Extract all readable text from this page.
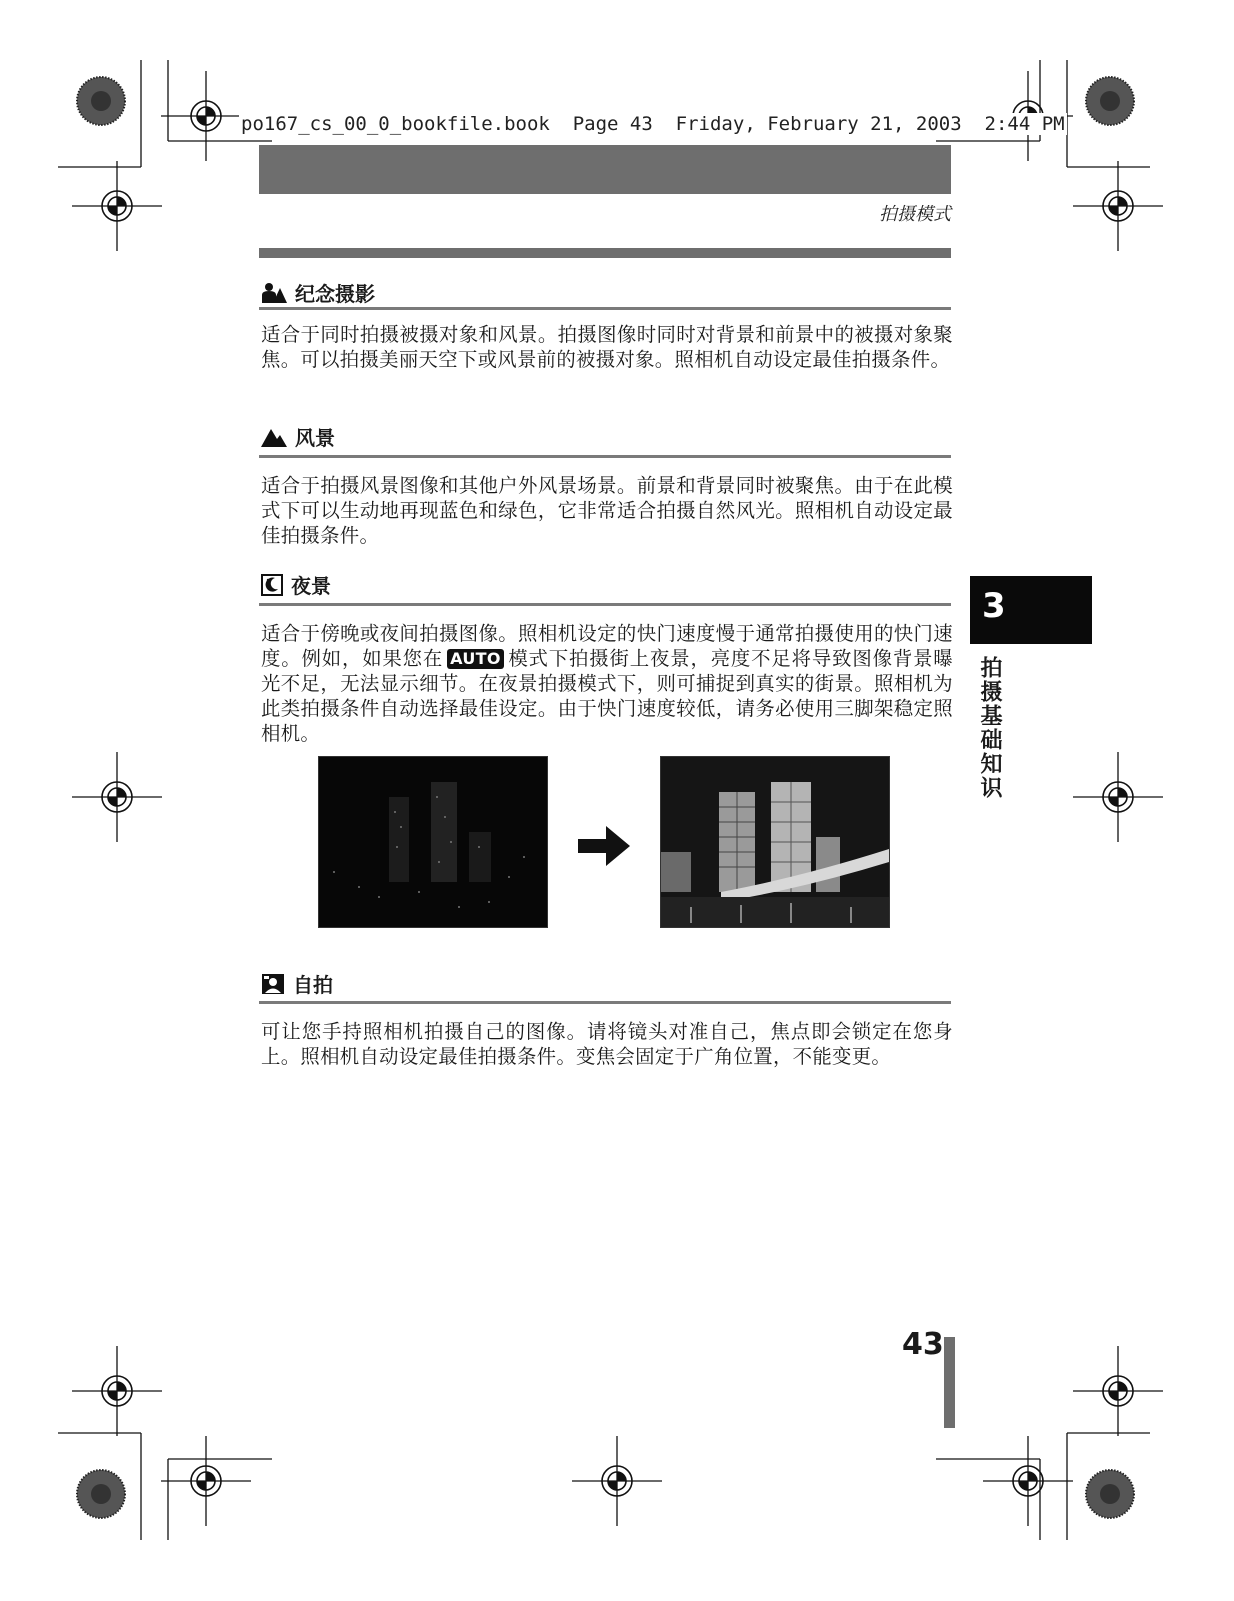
po167_cs_00_0_bookfile.book  Page 43  Friday, February 21, 2003  2:44 PM
拍摄模式
纪念摄影
适合于同时拍摄被摄对象和风景。拍摄图像时同时对背景和前景中的被摄对象聚焦。可以拍摄美丽天空下或风景前的被摄对象。照相机自动设定最佳拍摄条件。
风景
适合于拍摄风景图像和其他户外风景场景。前景和背景同时被聚焦。由于在此模式下可以生动地再现蓝色和绿色，它非常适合拍摄自然风光。照相机自动设定最佳拍摄条件。
夜景
适合于傍晚或夜间拍摄图像。照相机设定的快门速度慢于通常拍摄使用的快门速度。例如，如果您在 AUTO 模式下拍摄街上夜景，亮度不足将导致图像背景曝光不足，无法显示细节。在夜景拍摄模式下，则可捕捉到真实的街景。照相机为此类拍摄条件自动选择最佳设定。由于快门速度较低，请务必使用三脚架稳定照相机。
自拍
可让您手持照相机拍摄自己的图像。请将镜头对准自己，焦点即会锁定在您身上。照相机自动设定最佳拍摄条件。变焦会固定于广角位置，不能变更。
3
拍摄基础知识
43
